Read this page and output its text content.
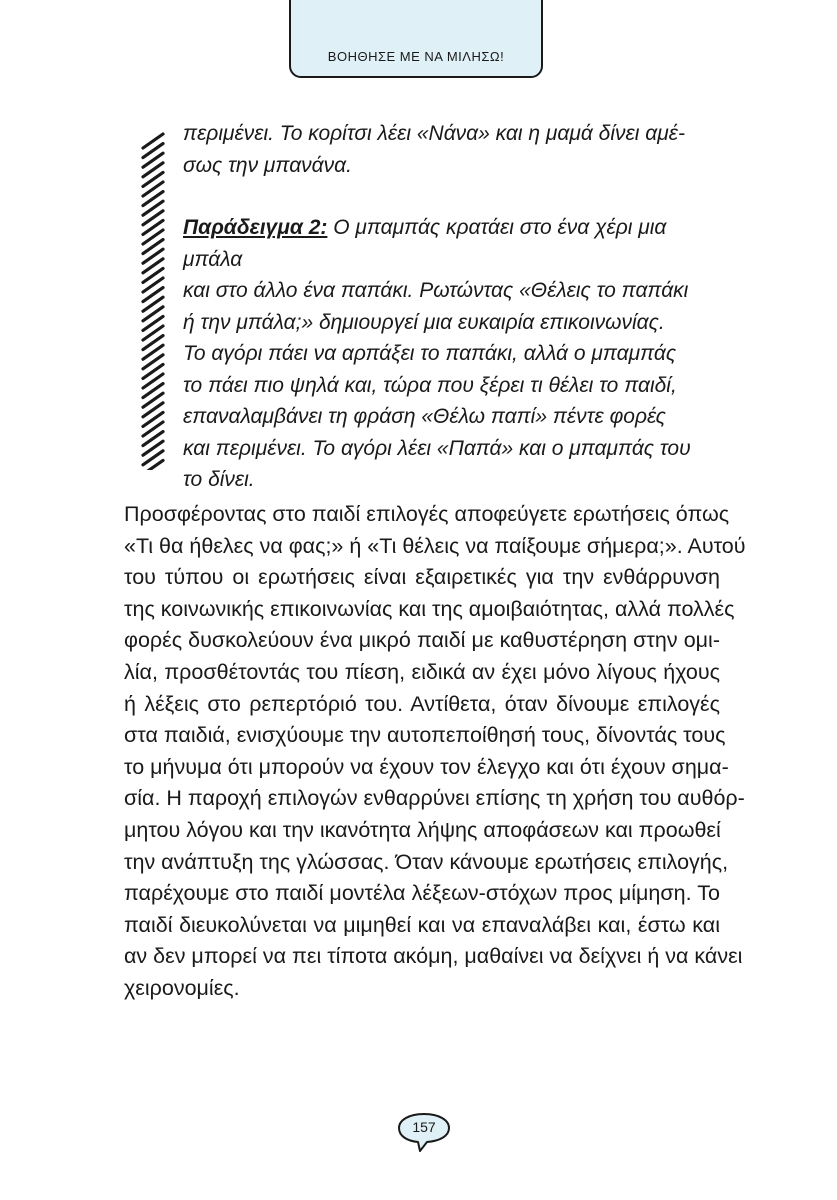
ΒΟΗΘΗΣΕ ΜΕ ΝΑ ΜΙΛΗΣΩ!

περιμένει. Το κορίτσι λέει «Νάνα» και η μαμά δίνει αμέ-

σως την μπανάνα.

Παράδειγμα 2: Ο μπαμπάς κρατάει στο ένα χέρι μια μπάλα

και στο άλλο ένα παπάκι. Ρωτώντας «Θέλεις το παπάκι

ή την μπάλα;» δημιουργεί μια ευκαιρία επικοινωνίας.

Το αγόρι πάει να αρπάξει το παπάκι, αλλά ο μπαμπάς

το πάει πιο ψηλά και, τώρα που ξέρει τι θέλει το παιδί,

επαναλαμβάνει τη φράση «Θέλω παπί» πέντε φορές

και περιμένει. Το αγόρι λέει «Παπά» και ο μπαμπάς του

το δίνει.

Προσφέροντας στο παιδί επιλογές αποφεύγετε ερωτήσεις όπως
«Τι θα ήθελες να φας;» ή «Τι θέλεις να παίξουμε σήμερα;». Αυτού
του τύπου οι ερωτήσεις είναι εξαιρετικές για την ενθάρρυνση
της κοινωνικής επικοινωνίας και της αμοιβαιότητας, αλλά πολλές
φορές δυσκολεύουν ένα μικρό παιδί με καθυστέρηση στην ομι-
λία, προσθέτοντάς του πίεση, ειδικά αν έχει μόνο λίγους ήχους
ή λέξεις στο ρεπερτόριό του. Αντίθετα, όταν δίνουμε επιλογές
στα παιδιά, ενισχύουμε την αυτοπεποίθησή τους, δίνοντάς τους
το μήνυμα ότι μπορούν να έχουν τον έλεγχο και ότι έχουν σημα-
σία. Η παροχή επιλογών ενθαρρύνει επίσης τη χρήση του αυθόρ-
μητου λόγου και την ικανότητα λήψης αποφάσεων και προωθεί
την ανάπτυξη της γλώσσας. Όταν κάνουμε ερωτήσεις επιλογής,
παρέχουμε στο παιδί μοντέλα λέξεων-στόχων προς μίμηση. Το
παιδί διευκολύνεται να μιμηθεί και να επαναλάβει και, έστω και
αν δεν μπορεί να πει τίποτα ακόμη, μαθαίνει να δείχνει ή να κάνει
χειρονομίες.
157
